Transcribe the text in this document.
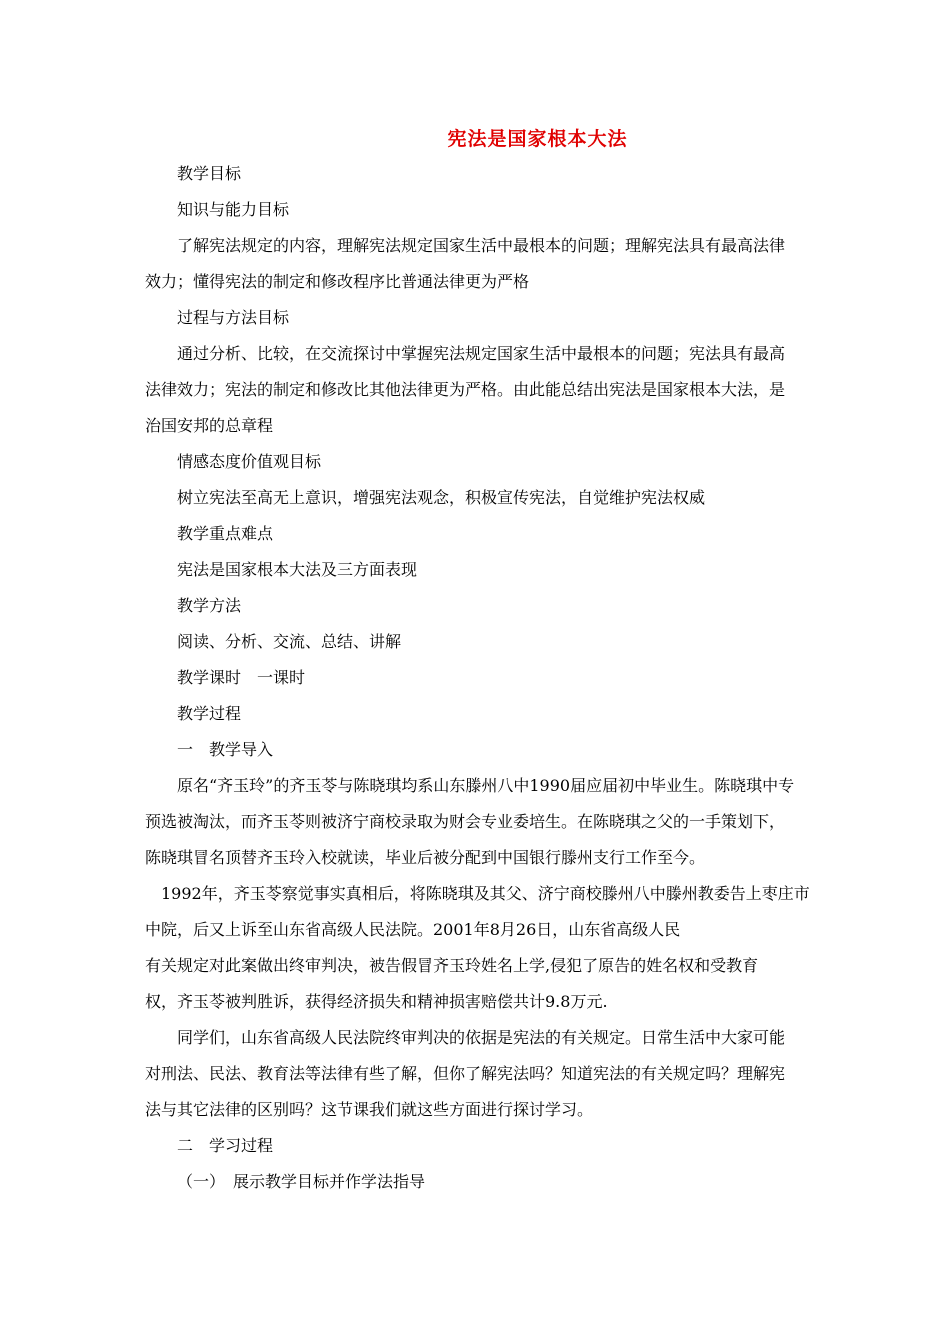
宪法是国家根本大法
教学目标
知识与能力目标
了解宪法规定的内容，理解宪法规定国家生活中最根本的问题；理解宪法具有最高法律
效力；懂得宪法的制定和修改程序比普通法律更为严格
过程与方法目标
通过分析、比较，在交流探讨中掌握宪法规定国家生活中最根本的问题；宪法具有最高
法律效力；宪法的制定和修改比其他法律更为严格。由此能总结出宪法是国家根本大法，是
治国安邦的总章程
情感态度价值观目标
树立宪法至高无上意识，增强宪法观念，积极宣传宪法，自觉维护宪法权威
教学重点难点
宪法是国家根本大法及三方面表现
教学方法
阅读、分析、交流、总结、讲解
教学课时　一课时
教学过程
一　教学导入
原名“齐玉玲”的齐玉苓与陈晓琪均系山东滕州八中1990届应届初中毕业生。陈晓琪中专
预选被淘汰，而齐玉苓则被济宁商校录取为财会专业委培生。在陈晓琪之父的一手策划下，
陈晓琪冒名顶替齐玉玲入校就读，毕业后被分配到中国银行滕州支行工作至今。
1992年，齐玉苓察觉事实真相后，将陈晓琪及其父、济宁商校滕州八中滕州教委告上枣庄市
中院，后又上诉至山东省高级人民法院。2001年8月26日，山东省高级人民
有关规定对此案做出终审判决，被告假冒齐玉玲姓名上学,侵犯了原告的姓名权和受教育
权，齐玉苓被判胜诉，获得经济损失和精神损害赔偿共计9.8万元.
同学们，山东省高级人民法院终审判决的依据是宪法的有关规定。日常生活中大家可能
对刑法、民法、教育法等法律有些了解，但你了解宪法吗？知道宪法的有关规定吗？理解宪
法与其它法律的区别吗？这节课我们就这些方面进行探讨学习。
二　学习过程
（一）　展示教学目标并作学法指导
